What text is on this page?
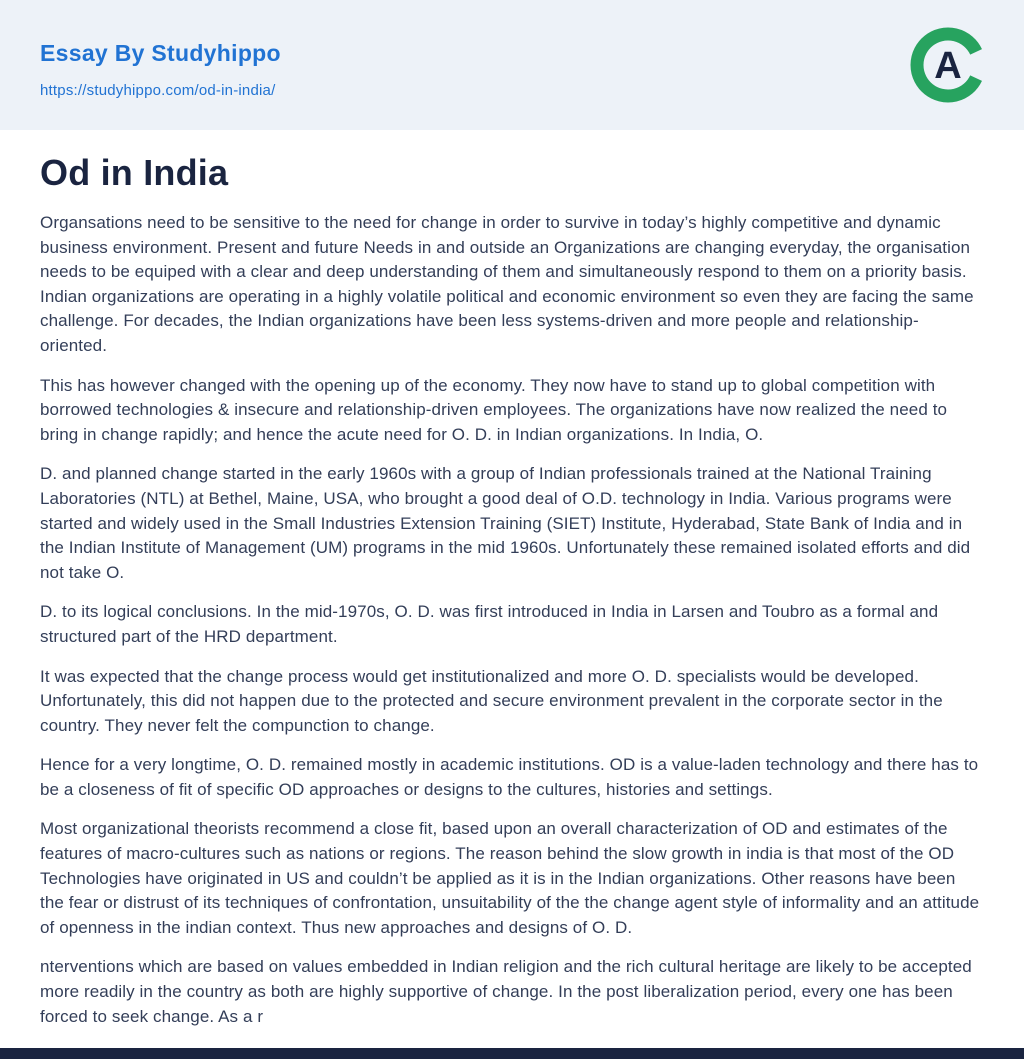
Essay By Studyhippo
https://studyhippo.com/od-in-india/
A
Od in India

Organsations need to be sensitive to the need for change in order to survive in today’s highly competitive and dynamic business environment. Present and future Needs in and outside an Organizations are changing everyday, the organisation needs to be equiped with a clear and deep understanding of them and simultaneously respond to them on a priority basis. Indian organizations are operating in a highly volatile political and economic environment so even they are facing the same challenge. For decades, the Indian organizations have been less systems-driven and more people and relationship-oriented.

This has however changed with the opening up of the economy. They now have to stand up to global competition with borrowed technologies & insecure and relationship-driven employees. The organizations have now realized the need to bring in change rapidly; and hence the acute need for O. D. in Indian organizations. In India, O.

D. and planned change started in the early 1960s with a group of Indian professionals trained at the National Training Laboratories (NTL) at Bethel, Maine, USA, who brought a good deal of O.D. technology in India. Various programs were started and widely used in the Small Industries Extension Training (SIET) Institute, Hyderabad, State Bank of India and in the Indian Institute of Management (UM) programs in the mid 1960s. Unfortunately these remained isolated efforts and did not take O.

D. to its logical conclusions. In the mid-1970s, O. D. was first introduced in India in Larsen and Toubro as a formal and structured part of the HRD department.

It was expected that the change process would get institutionalized and more O. D. specialists would be developed. Unfortunately, this did not happen due to the protected and secure environment prevalent in the corporate sector in the country. They never felt the compunction to change.

Hence for a very longtime, O. D. remained mostly in academic institutions. OD is a value-laden technology and there has to be a closeness of fit of specific OD approaches or designs to the cultures, histories and settings.

Most organizational theorists recommend a close fit, based upon an overall characterization of OD and estimates of the features of macro-cultures such as nations or regions. The reason behind the slow growth in india is that most of the OD Technologies have originated in US and couldn’t be applied as it is in the Indian organizations. Other reasons have been the fear or distrust of its techniques of confrontation, unsuitability of the the change agent style of informality and an attitude of openness in the indian context. Thus new approaches and designs of O. D.

nterventions which are based on values embedded in Indian religion and the rich cultural heritage are likely to be accepted more readily in the country as both are highly supportive of change. In the post liberalization period, every one has been forced to seek change. As a r
